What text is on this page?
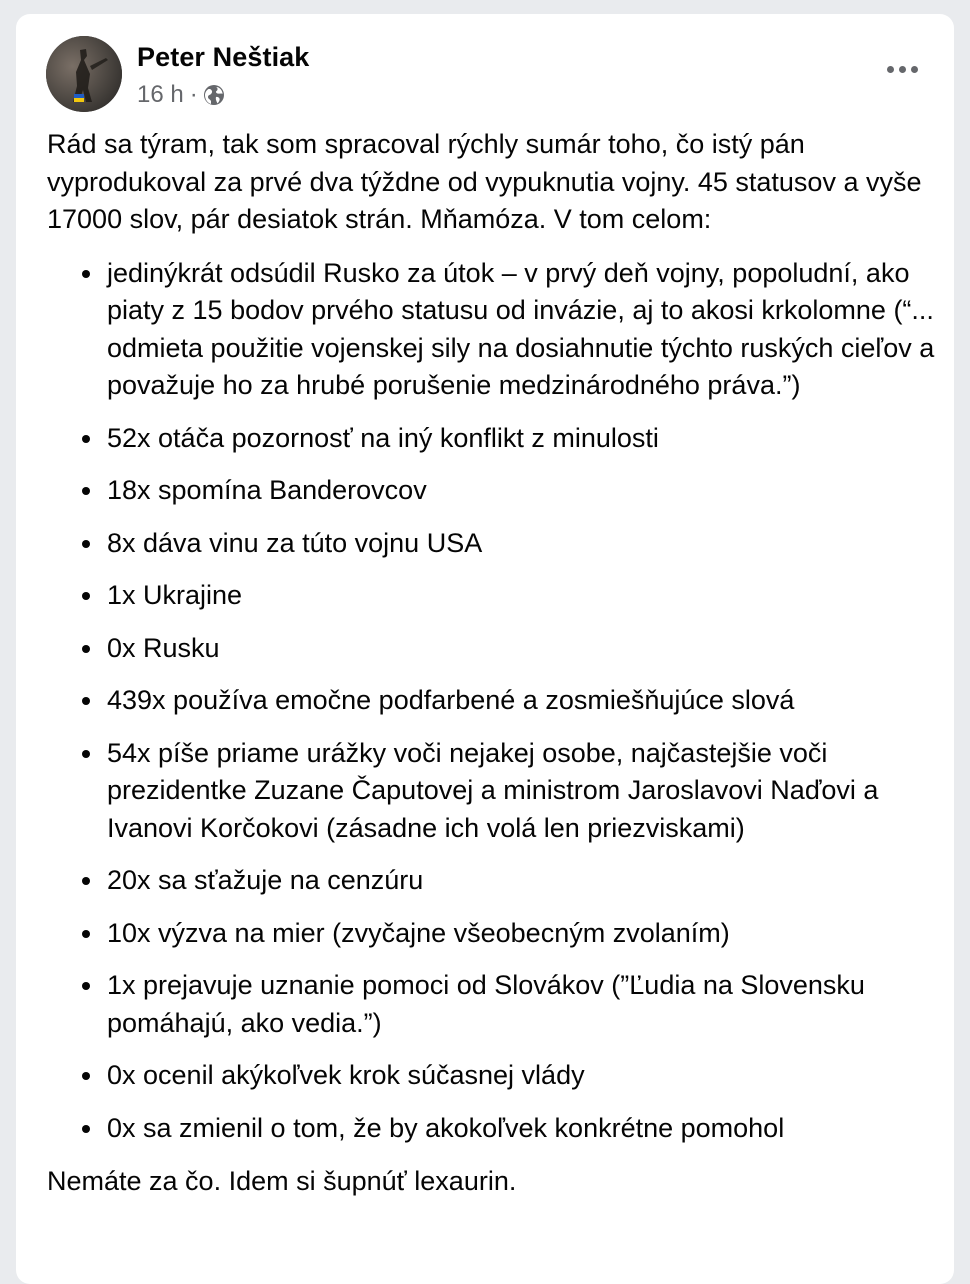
Peter Neštiak
16 h ·

Rád sa týram, tak som spracoval rýchly sumár toho, čo istý pán vyprodukoval za prvé dva týždne od vypuknutia vojny. 45 statusov a vyše 17000 slov, pár desiatok strán. Mňamóza. V tom celom:

jedinýkrát odsúdil Rusko za útok – v prvý deň vojny, popoludní, ako piaty z 15 bodov prvého statusu od invázie, aj to akosi krkolomne (“... odmieta použitie vojenskej sily na dosiahnutie týchto ruských cieľov a považuje ho za hrubé porušenie medzinárodného práva.”)
52x otáča pozornosť na iný konflikt z minulosti
18x spomína Banderovcov
8x dáva vinu za túto vojnu USA
1x Ukrajine
0x Rusku
439x používa emočne podfarbené a zosmiešňujúce slová
54x píše priame urážky voči nejakej osobe, najčastejšie voči prezidentke Zuzane Čaputovej a ministrom Jaroslavovi Naďovi a Ivanovi Korčokovi (zásadne ich volá len priezviskami)
20x sa sťažuje na cenzúru
10x výzva na mier (zvyčajne všeobecným zvolaním)
1x prejavuje uznanie pomoci od Slovákov (”Ľudia na Slovensku pomáhajú, ako vedia.”)
0x ocenil akýkoľvek krok súčasnej vlády
0x sa zmienil o tom, že by akokoľvek konkrétne pomohol

Nemáte za čo. Idem si šupnúť lexaurin.
